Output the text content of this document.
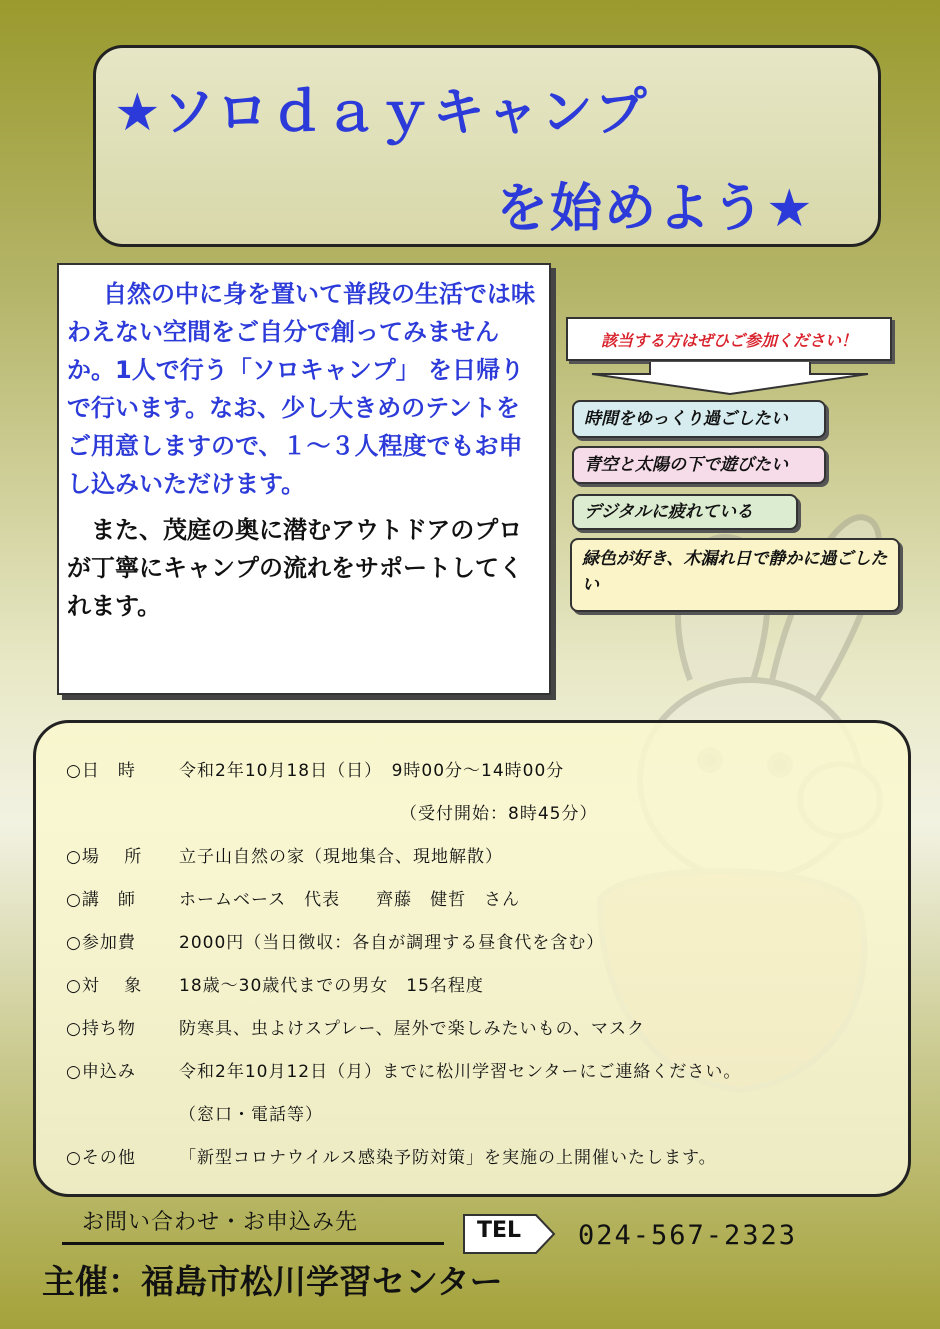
★ソロｄａｙキャンプ
を始めよう★

自然の中に身を置いて普段の生活では味わえない空間をご自分で創ってみませんか。1人で行う「ソロキャンプ」 を日帰りで行います。なお、少し大きめのテントをご用意しますので、１～３人程度でもお申し込みいただけます。

また、茂庭の奥に潜むアウトドアのプロが丁寧にキャンプの流れをサポートしてくれます。

該当する方はぜひご参加ください！
時間をゆっくり過ごしたい
青空と太陽の下で遊びたい
デジタルに疲れている
緑色が好き、木漏れ日で静かに過ごしたい
○日　時	令和2年10月18日（日）　9時00分～14時00分
（受付開始：8時45分）
○場　 所 立子山自然の家（現地集合、現地解散）
○講　師	ホームベース　代表　　齊藤　健哲　さん
○参加費	2000円（当日徴収：各自が調理する昼食代を含む）
○対　 象 18歳～30歳代までの男女　15名程度
○持ち物	防寒具、虫よけスプレー、屋外で楽しみたいもの、マスク
○申込み	令和2年10月12日（月）までに松川学習センターにご連絡ください。
（窓口・電話等）
○その他	「新型コロナウイルス感染予防対策」を実施の上開催いたします。
お問い合わせ・お申込み先	TEL 024-567-2323
主催：福島市松川学習センター
